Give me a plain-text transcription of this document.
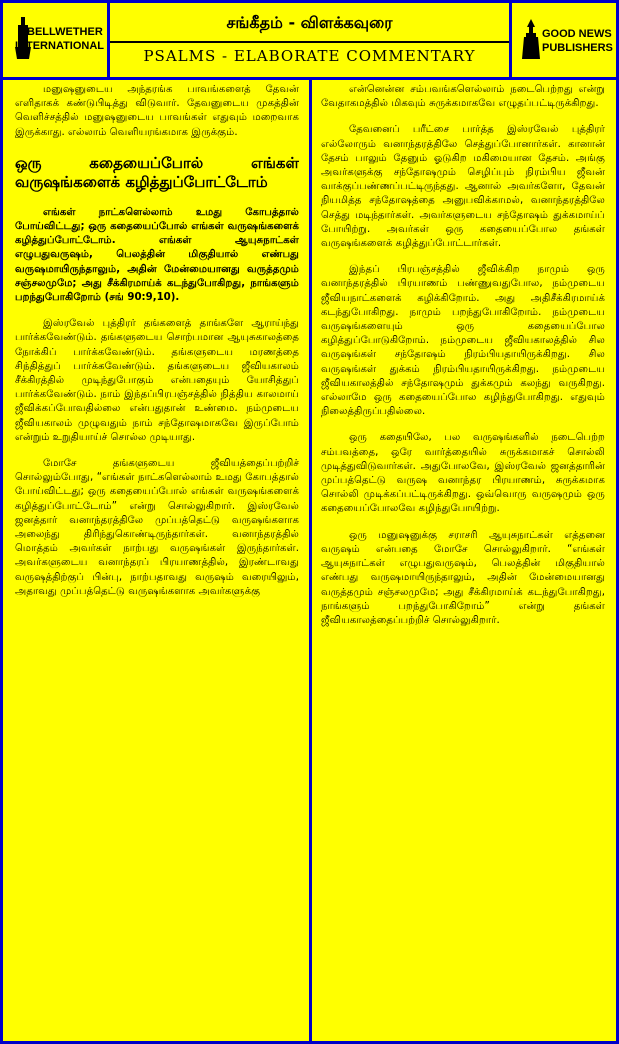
BELLWETHER
INTERNATIONAL
சங்கீதம் - விளக்கவுரை
PSALMS - ELABORATE COMMENTARY
GOOD NEWS
PUBLISHERS

மனுஷனுடைய அந்தரங்க பாவங்களைத் தேவன் எளிதாகக் கண்டுபிடித்து விடுவார். தேவனுடைய முகத்தின் வெளிச்சத்தில் மனுஷனுடைய பாவங்கள் எதுவும் மறைவாக இருக்காது. எல்லாம் வெளியரங்கமாக இருக்கும்.

ஒரு கதையைப்போல் எங்கள் வருஷங்களைக் கழித்துப்போட்டோம்

எங்கள் நாட்களெல்லாம் உமது கோபத்தால் போய்விட்டது; ஒரு கதையைப்போல் எங்கள் வருஷங்களைக் கழித்துப்போட்டோம். எங்கள் ஆயுசுநாட்கள் எழுபதுவருஷம், பெலத்தின் மிகுதியால் எண்பது வருஷமாயிருந்தாலும், அதின் மேன்மையானது வருத்தமும் சஞ்சலமுமே; அது சீக்கிரமாய்க் கடந்துபோகிறது, நாங்களும் பறந்துபோகிறோம் (சங் 90:9,10).

இஸ்ரவேல் புத்திரர் தங்களைத் தாங்களே ஆராய்ந்து பார்க்கவேண்டும். தங்களுடைய சொற்பமான ஆயுசுகாலத்தை நோக்கிப் பார்க்கவேண்டும். தங்களுடைய மரணத்தை சிந்தித்துப் பார்க்கவேண்டும். தங்களுடைய ஜீவியகாலம் சீக்கிரத்தில் முடிந்துபோகும் என்பதையும் யோசித்துப் பார்க்கவேண்டும். நாம் இந்தப்பிரபஞ்சத்தில் நித்திய காலமாய் ஜீவிக்கப்போவதில்லை என்பதுதான் உண்மை. நம்முடைய ஜீவியகாலம் முழுவதும் நாம் சந்தோஷமாகவே இருப்போம் என்றும் உறுதியாய்ச் சொல்ல முடியாது.

மோசே தங்களுடைய ஜீவியத்தைப்பற்றிச் சொல்லும்போது, “எங்கள் நாட்களெல்லாம் உமது கோபத்தால் போய்விட்டது; ஒரு கதையைப்போல் எங்கள் வருஷங்களைக் கழித்துப்போட்டோம்” என்று சொல்லுகிறார். இஸ்ரவேல் ஜனத்தார் வனாந்தரத்திலே முப்பத்தெட்டு வருஷங்களாக அலைந்து திரிந்துகொண்டிருந்தார்கள். வனாந்தரத்தில் மொத்தம் அவர்கள் நாற்பது வருஷங்கள் இருந்தார்கள். அவர்களுடைய வனாந்தரப் பிரயாணத்தில், இரண்டாவது வருஷத்திற்குப் பின்பு, நாற்பதாவது வருஷம் வரையிலும், அதாவது முப்பத்தெட்டு வருஷங்களாக அவர்களுக்கு

என்னென்ன சம்பவங்களெல்லாம் நடைபெற்றது என்று வேதாகமத்தில் மிகவும் சுருக்கமாகவே எழுதப்பட்டிருக்கிறது.

தேவனைப் பரீட்சை பார்த்த இஸ்ரவேல் புத்திரர் எல்லோரும் வனாந்தரத்திலே செத்துப்போனார்கள். கானான் தேசம் பாலும் தேனும் ஓடுகிற மகிமையான தேசம். அங்கு அவர்களுக்கு சந்தோஷமும் செழிப்பும் நிரம்பிய ஜீவன் வாக்குப்பண்ணப்பட்டிருந்தது. ஆனால் அவர்களோ, தேவன் நியமித்த சந்தோஷத்தை அனுபவிக்காமல், வனாந்தரத்திலே செத்து மடிந்தார்கள். அவர்களுடைய சந்தோஷம் துக்கமாய்ப் போயிற்று. அவர்கள் ஒரு கதையைப்போல தங்கள் வருஷங்களைக் கழித்துப்போட்டார்கள்.

இந்தப் பிரபஞ்சத்தில் ஜீவிக்கிற நாமும் ஒரு வனாந்தரத்தில் பிரயாணம் பண்ணுவதுபோல, நம்முடைய ஜீவியநாட்களைக் கழிக்கிறோம். அது அதிசீக்கிரமாய்க் கடந்துபோகிறது. நாமும் பறந்துபோகிறோம். நம்முடைய வருஷங்களையும் ஒரு கதையைப்போல கழித்துப்போடுகிறோம். நம்முடைய ஜீவியகாலத்தில் சில வருஷங்கள் சந்தோஷம் நிரம்பியதாயிருக்கிறது. சில வருஷங்கள் துக்கம் நிரம்பியதாயிருக்கிறது. நம்முடைய ஜீவியகாலத்தில் சந்தோஷமும் துக்கமும் கலந்து வருகிறது. எல்லாமே ஒரு கதையைப்போல கழிந்துபோகிறது. எதுவும் நிலைத்திருப்பதில்லை.

ஒரு கதையிலே, பல வருஷங்களில் நடைபெற்ற சம்பவத்தை, ஒரே வார்த்தையில் சுருக்கமாகச் சொல்லி முடித்துவிடுவார்கள். அதுபோலவே, இஸ்ரவேல் ஜனத்தாரின் முப்பத்தெட்டு வருஷ வனாந்தர பிரயாணம், சுருக்கமாக சொல்லி முடிக்கப்பட்டிருக்கிறது. ஒவ்வொரு வருஷமும் ஒரு கதையைப்போலவே கழிந்துபோயிற்று.

ஒரு மனுஷனுக்கு சராசரி ஆயுசுநாட்கள் எத்தனை வருஷம் என்பதை மோசே சொல்லுகிறார். “எங்கள் ஆயுசுநாட்கள் எழுபதுவருஷம், பெலத்தின் மிகுதியால் எண்பது வருஷமாயிருந்தாலும், அதின் மேன்மையானது வருத்தமும் சஞ்சலமுமே; அது சீக்கிரமாய்க் கடந்துபோகிறது, நாங்களும் பறந்துபோகிறோம்” என்று தங்கள் ஜீவியகாலத்தைப்பற்றிச் சொல்லுகிறார்.
